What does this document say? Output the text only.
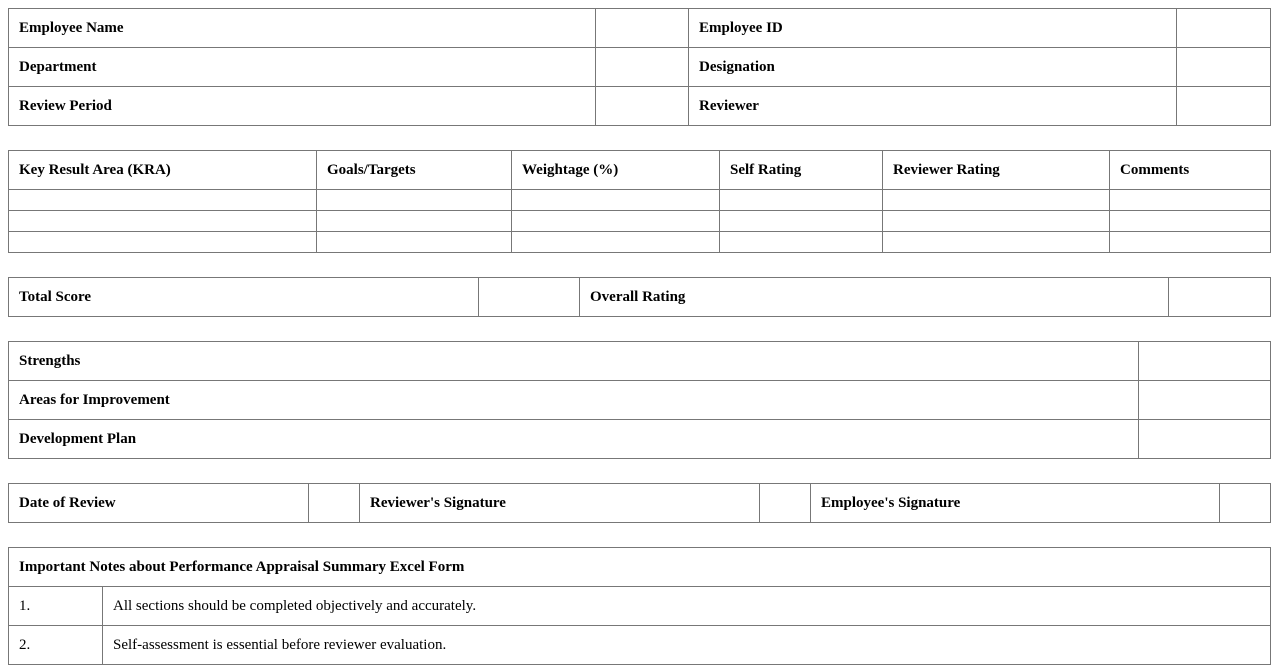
Employee Name		Employee ID	
Department		Designation	
Review Period		Reviewer	
Key Result Area (KRA)	Goals/Targets	Weightage (%)	Self Rating	Reviewer Rating	Comments

Total Score		Overall Rating	
Strengths	
Areas for Improvement	
Development Plan	
Date of Review		Reviewer's Signature		Employee's Signature	
Important Notes about Performance Appraisal Summary Excel Form	
1.	All sections should be completed objectively and accurately.
2.	Self-assessment is essential before reviewer evaluation.
